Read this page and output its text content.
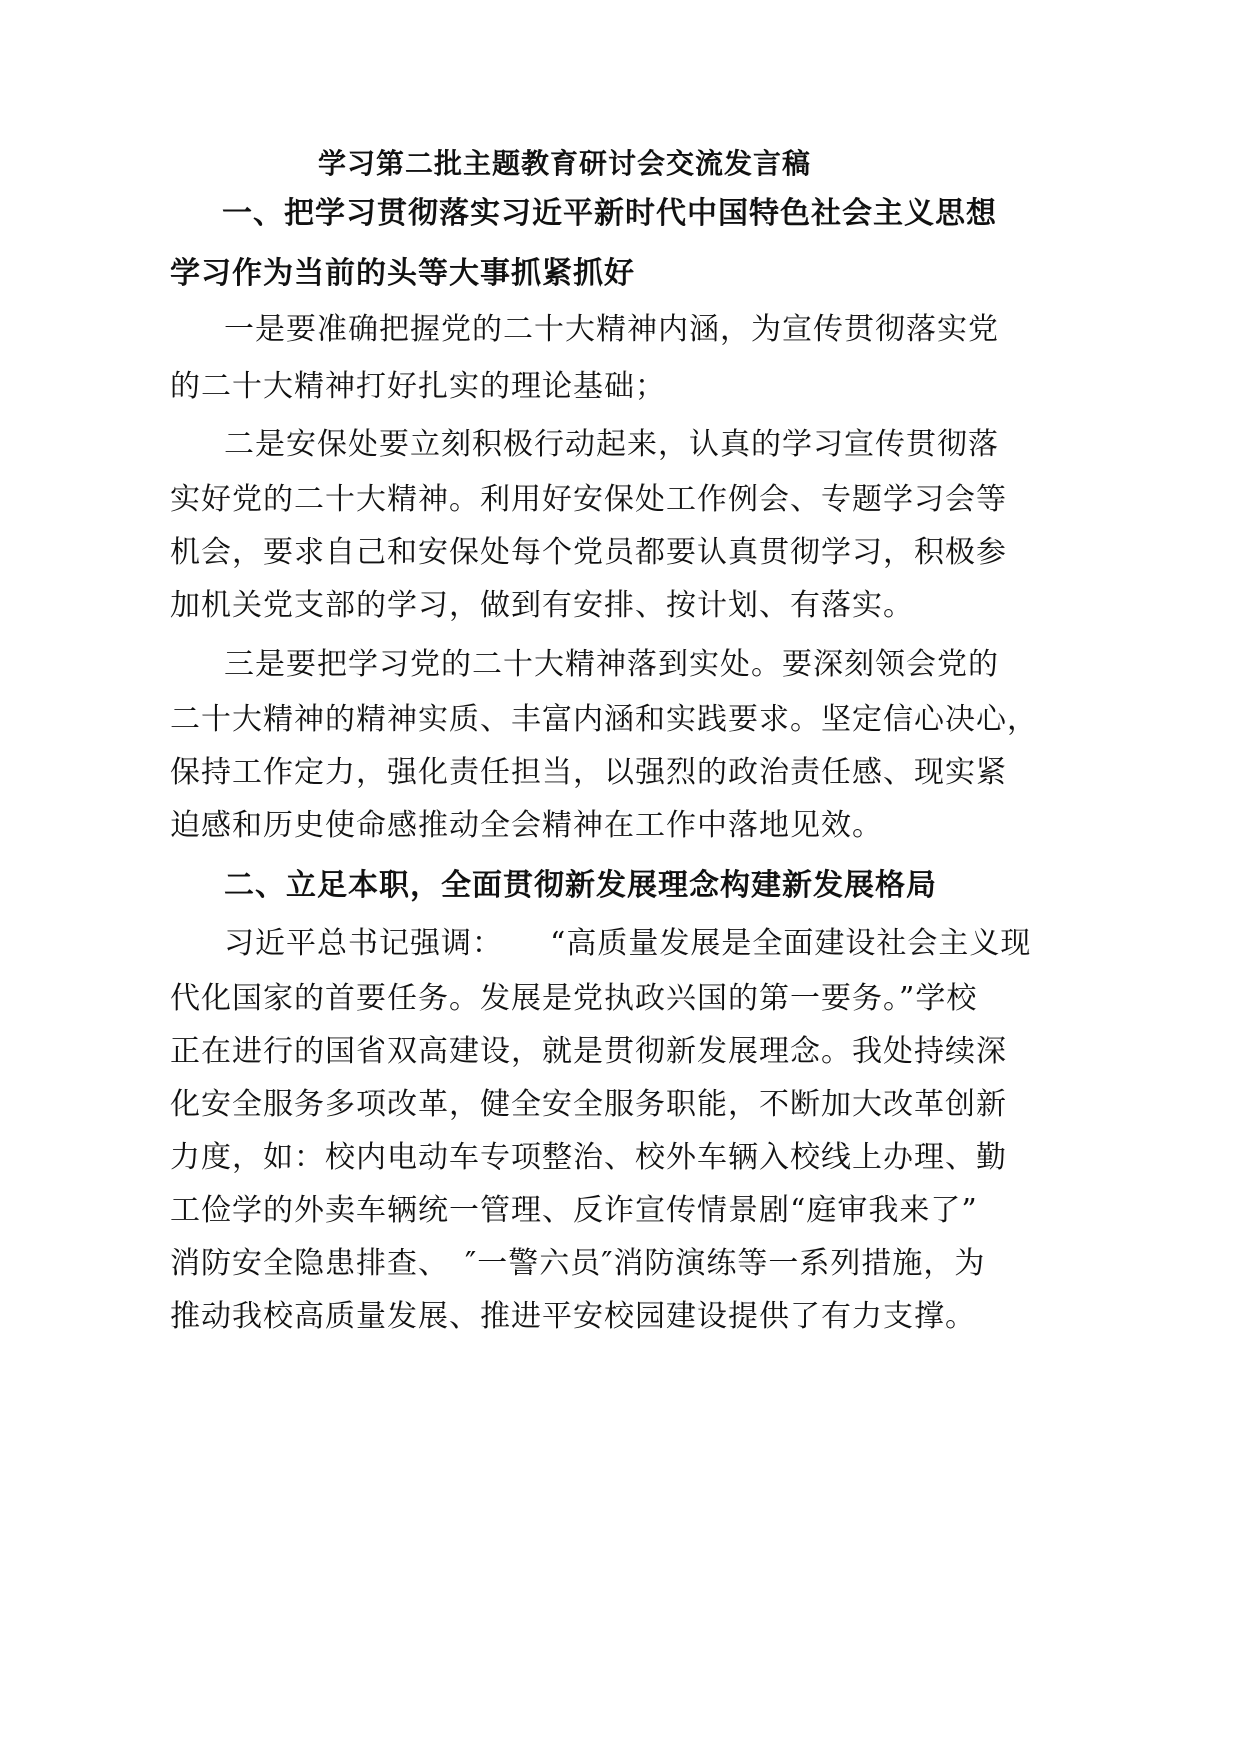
学习第二批主题教育研讨会交流发言稿
一、把学习贯彻落实习近平新时代中国特色社会主义思想
学习作为当前的头等大事抓紧抓好
一是要准确把握党的二十大精神内涵，为宣传贯彻落实党
的二十大精神打好扎实的理论基础；
二是安保处要立刻积极行动起来，认真的学习宣传贯彻落
实好党的二十大精神。利用好安保处工作例会、专题学习会等
机会，要求自己和安保处每个党员都要认真贯彻学习，积极参
加机关党支部的学习，做到有安排、按计划、有落实。
三是要把学习党的二十大精神落到实处。要深刻领会党的
二十大精神的精神实质、丰富内涵和实践要求。坚定信心决心，
保持工作定力，强化责任担当，以强烈的政治责任感、现实紧
迫感和历史使命感推动全会精神在工作中落地见效。
二、立足本职，全面贯彻新发展理念构建新发展格局
习近平总书记强调：　　“高质量发展是全面建设社会主义现
代化国家的首要任务。发展是党执政兴国的第一要务。”学校
正在进行的国省双高建设，就是贯彻新发展理念。我处持续深
化安全服务多项改革，健全安全服务职能，不断加大改革创新
力度，如：校内电动车专项整治、校外车辆入校线上办理、勤
工俭学的外卖车辆统一管理、反诈宣传情景剧“庭审我来了”
消防安全隐患排查、　″一警六员″消防演练等一系列措施，为
推动我校高质量发展、推进平安校园建设提供了有力支撑。
